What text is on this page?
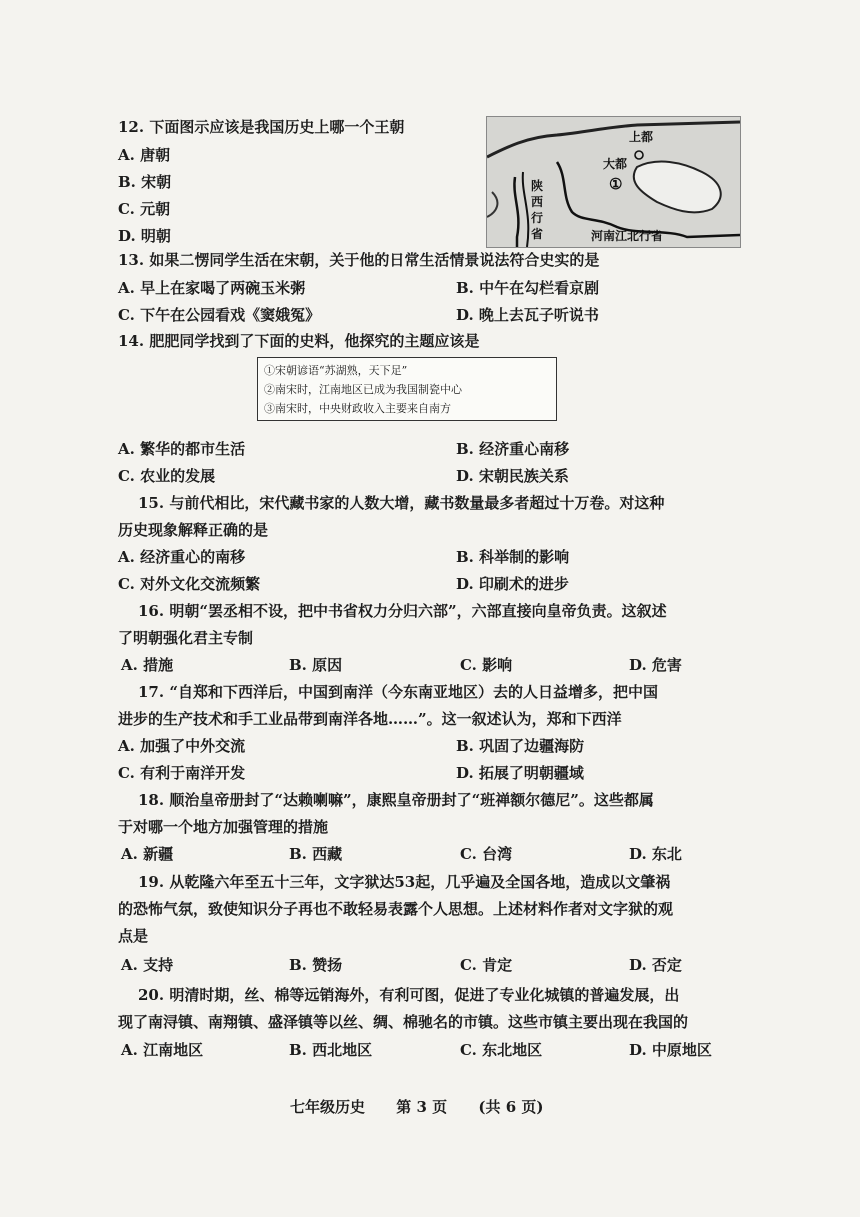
12. 下面图示应该是我国历史上哪一个王朝
A. 唐朝
B. 宋朝
C. 元朝
D. 明朝
上都
大都
①
陕
西
行
省	河南江北行省
13. 如果二愣同学生活在宋朝，关于他的日常生活情景说法符合史实的是
A. 早上在家喝了两碗玉米粥	B. 中午在勾栏看京剧
C. 下午在公园看戏《窦娥冤》	D. 晚上去瓦子听说书
14. 肥肥同学找到了下面的史料，他探究的主题应该是
①宋朝谚语“苏湖熟，天下足”
②南宋时，江南地区已成为我国制瓷中心
③南宋时，中央财政收入主要来自南方
A. 繁华的都市生活	B. 经济重心南移
C. 农业的发展	D. 宋朝民族关系
15. 与前代相比，宋代藏书家的人数大增，藏书数量最多者超过十万卷。对这种
历史现象解释正确的是
A. 经济重心的南移	B. 科举制的影响
C. 对外文化交流频繁	D. 印刷术的进步
16. 明朝“罢丞相不设，把中书省权力分归六部”，六部直接向皇帝负责。这叙述
了明朝强化君主专制
A. 措施	B. 原因	C. 影响	D. 危害
17. “自郑和下西洋后，中国到南洋（今东南亚地区）去的人日益增多，把中国
进步的生产技术和手工业品带到南洋各地……”。这一叙述认为，郑和下西洋
A. 加强了中外交流	B. 巩固了边疆海防
C. 有利于南洋开发	D. 拓展了明朝疆域
18. 顺治皇帝册封了“达赖喇嘛”，康熙皇帝册封了“班禅额尔德尼”。这些都属
于对哪一个地方加强管理的措施
A. 新疆	B. 西藏	C. 台湾	D. 东北
19. 从乾隆六年至五十三年，文字狱达53起，几乎遍及全国各地，造成以文肇祸
的恐怖气氛，致使知识分子再也不敢轻易表露个人思想。上述材料作者对文字狱的观
点是
A. 支持	B. 赞扬	C. 肯定	D. 否定
20. 明清时期，丝、棉等远销海外，有利可图，促进了专业化城镇的普遍发展，出
现了南浔镇、南翔镇、盛泽镇等以丝、绸、棉驰名的市镇。这些市镇主要出现在我国的
A. 江南地区	B. 西北地区	C. 东北地区	D. 中原地区
七年级历史 第 3 页 (共 6 页)
